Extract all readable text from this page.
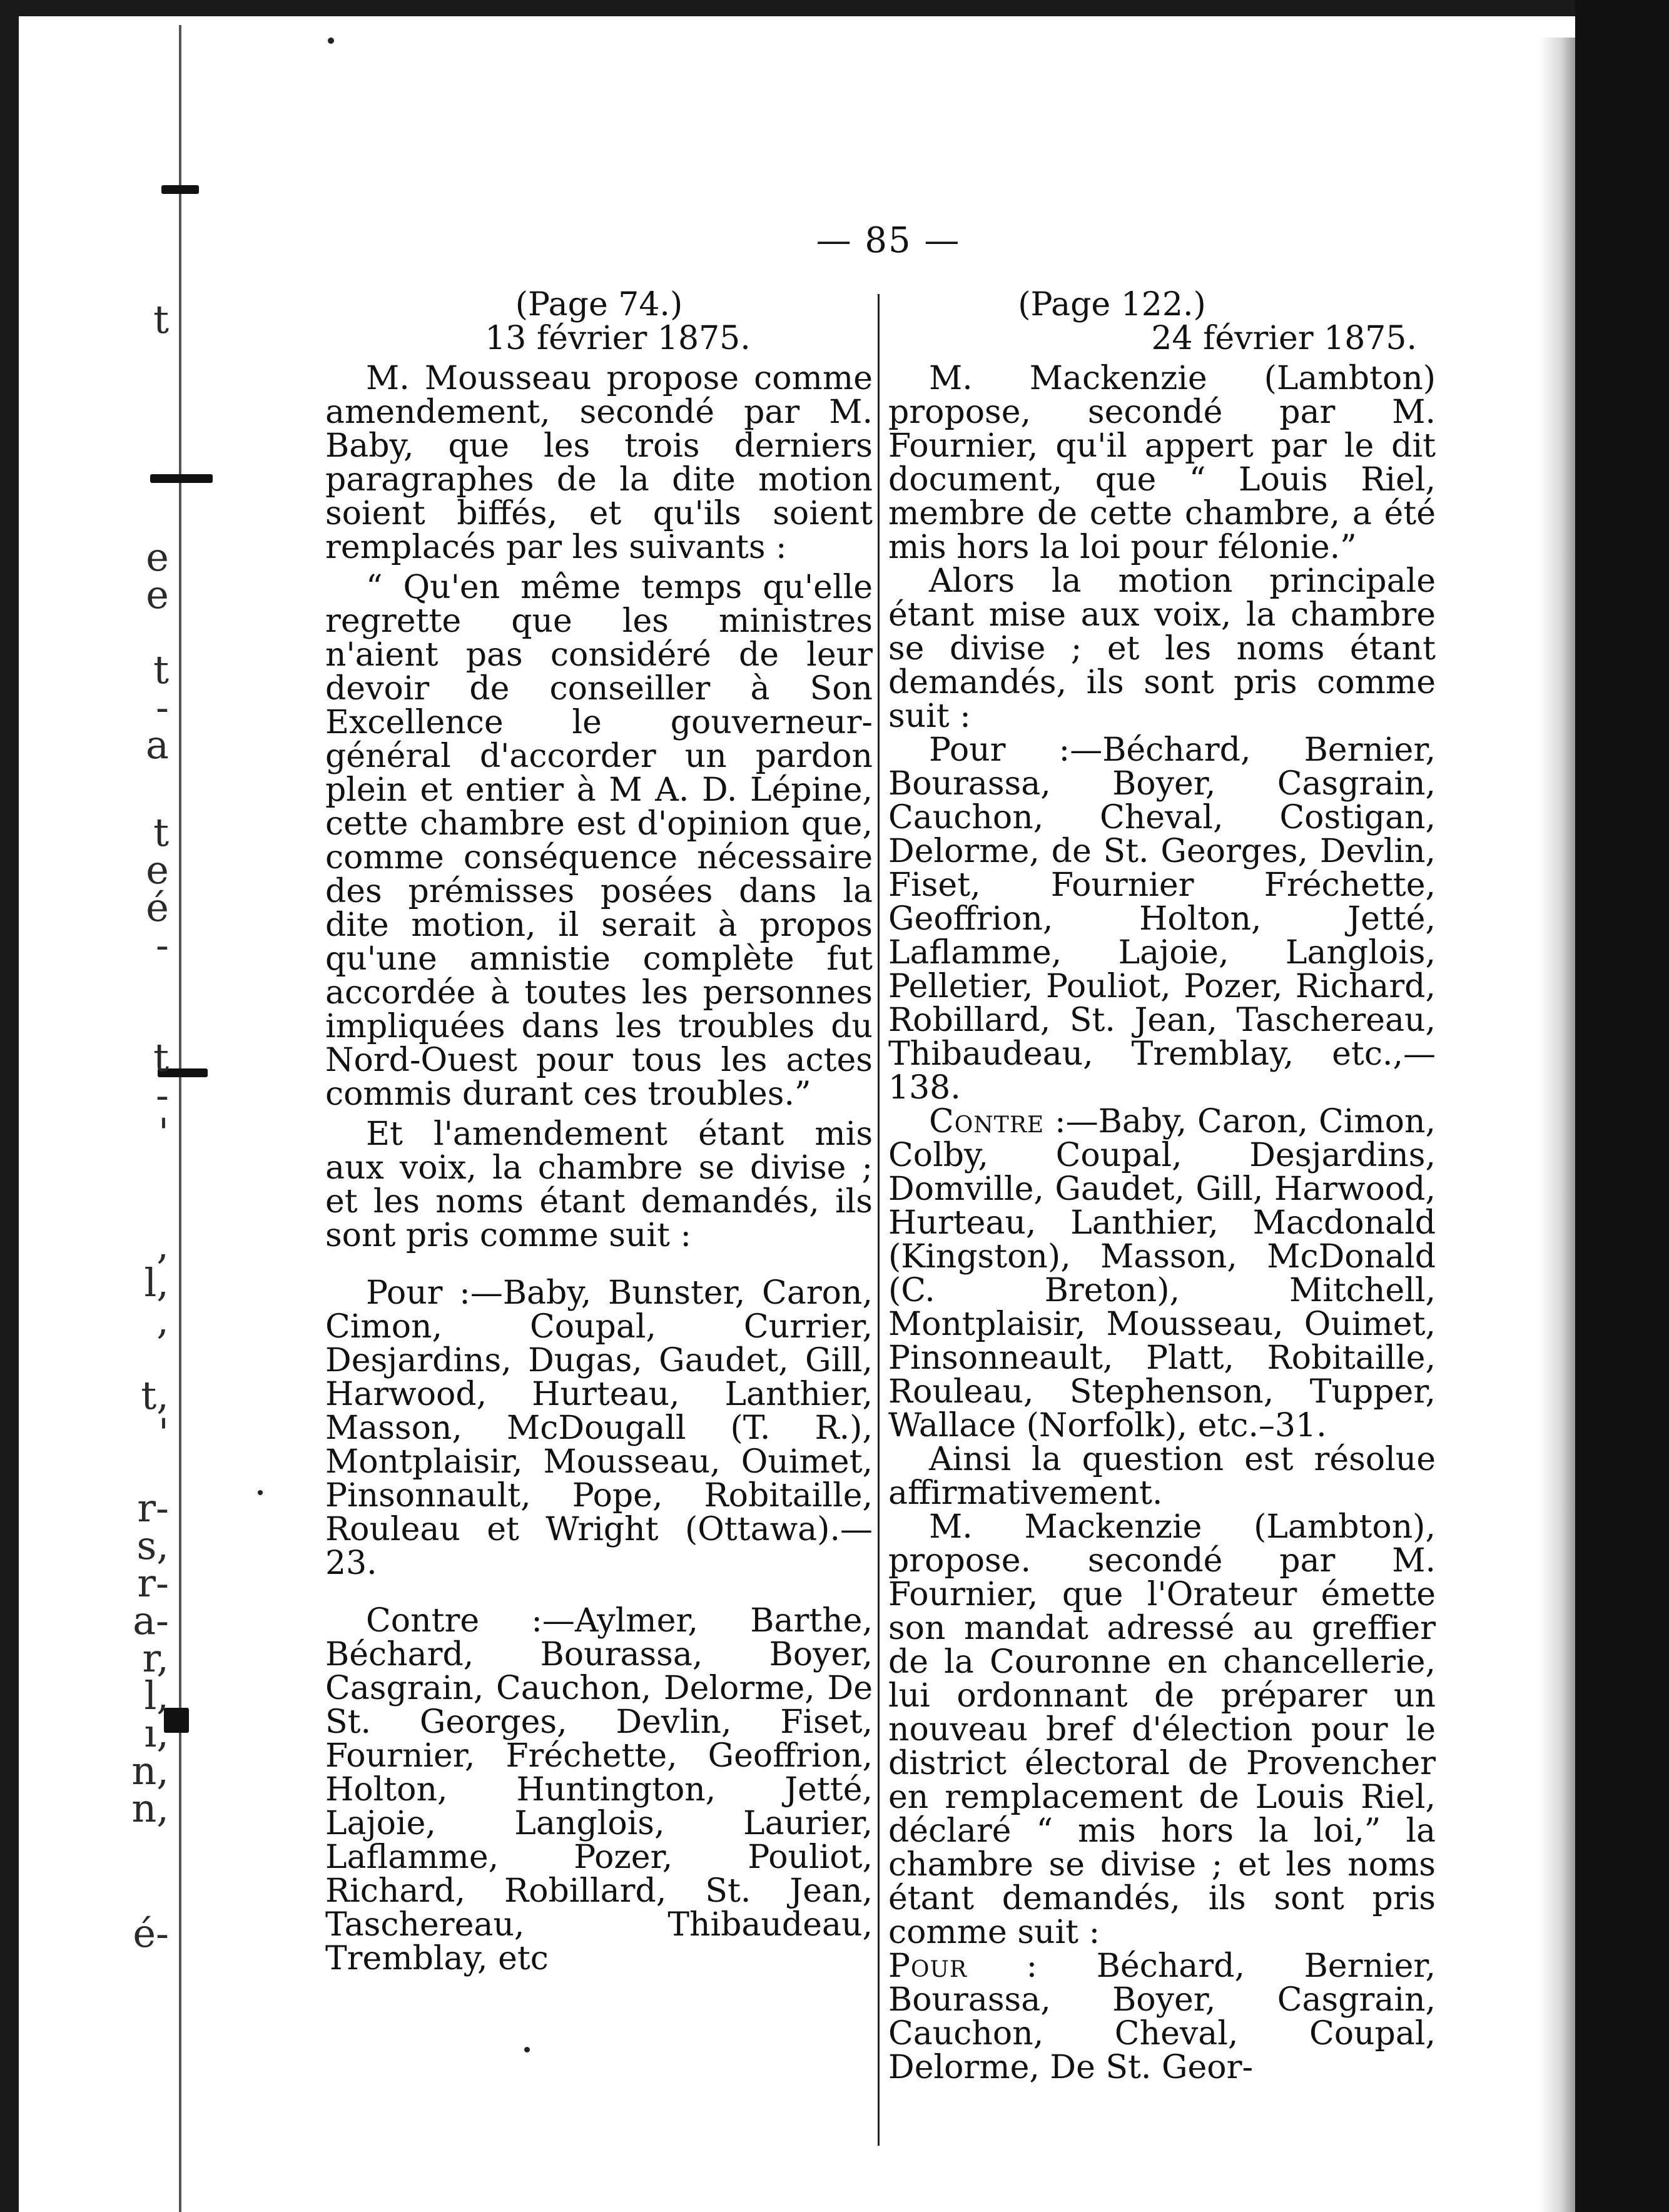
t
e
e
t
-
a
t
e
é
-
t
-
'
,
l,
,
t,
'
r-
s,
r-
a-
r,
l,
ı,
n,
n,
é-
— 85 —

(Page 74.)

13 février 1875.

M. Mousseau propose comme amendement, secondé par M. Baby, que les trois derniers paragraphes de la dite motion soient biffés, et qu'ils soient remplacés par les suivants :

“ Qu'en même temps qu'elle regrette que les ministres n'aient pas considéré de leur devoir de conseiller à Son Excellence le gouverneur-général d'accorder un pardon plein et entier à M A. D. Lépine, cette chambre est d'opinion que, comme conséquence nécessaire des prémisses posées dans la dite motion, il serait à propos qu'une amnistie complète fut accordée à toutes les personnes impliquées dans les troubles du Nord-Ouest pour tous les actes commis durant ces troubles.”

Et l'amendement étant mis aux voix, la chambre se divise ; et les noms étant demandés, ils sont pris comme suit :

Pour :—Baby, Bunster, Caron, Cimon, Coupal, Currier, Desjardins, Dugas, Gaudet, Gill, Harwood, Hurteau, Lanthier, Masson, McDougall (T. R.), Montplaisir, Mousseau, Ouimet, Pinsonnault, Pope, Robitaille, Rouleau et Wright (Ottawa).—23.

Contre :—Aylmer, Barthe, Béchard, Bourassa, Boyer, Casgrain, Cauchon, Delorme, De St. Georges, Devlin, Fiset, Fournier, Fréchette, Geoffrion, Holton, Huntington, Jetté, Lajoie, Langlois, Laurier, Laflamme, Pozer, Pouliot, Richard, Robillard, St. Jean, Taschereau, Thibaudeau, Tremblay, etc

(Page 122.)

24 février 1875.

M. Mackenzie (Lambton) propose, secondé par M. Fournier, qu'il appert par le dit document, que “ Louis Riel, membre de cette chambre, a été mis hors la loi pour félonie.”

Alors la motion principale étant mise aux voix, la chambre se divise ; et les noms étant demandés, ils sont pris comme suit :

Pour :—Béchard, Bernier, Bourassa, Boyer, Casgrain, Cauchon, Cheval, Costigan, Delorme, de St. Georges, Devlin, Fiset, Fournier Fréchette, Geoffrion, Holton, Jetté, Laflamme, Lajoie, Langlois, Pelletier, Pouliot, Pozer, Richard, Robillard, St. Jean, Taschereau, Thibaudeau, Tremblay, etc.,—138.

Contre :—Baby, Caron, Cimon, Colby, Coupal, Desjardins, Domville, Gaudet, Gill, Harwood, Hurteau, Lanthier, Macdonald (Kingston), Masson, McDonald (C. Breton), Mitchell, Montplaisir, Mousseau, Ouimet, Pinsonneault, Platt, Robitaille, Rouleau, Stephenson, Tupper, Wallace (Norfolk), etc.–31.

Ainsi la question est résolue affirmativement.

M. Mackenzie (Lambton), propose. secondé par M. Fournier, que l'Orateur émette son mandat adressé au greffier de la Couronne en chancellerie, lui ordonnant de préparer un nouveau bref d'élection pour le district électoral de Provencher en remplacement de Louis Riel, déclaré “ mis hors la loi,” la chambre se divise ; et les noms étant demandés, ils sont pris comme suit :

Pour : Béchard, Bernier, Bourassa, Boyer, Casgrain, Cauchon, Cheval, Coupal, Delorme, De St. Geor-
